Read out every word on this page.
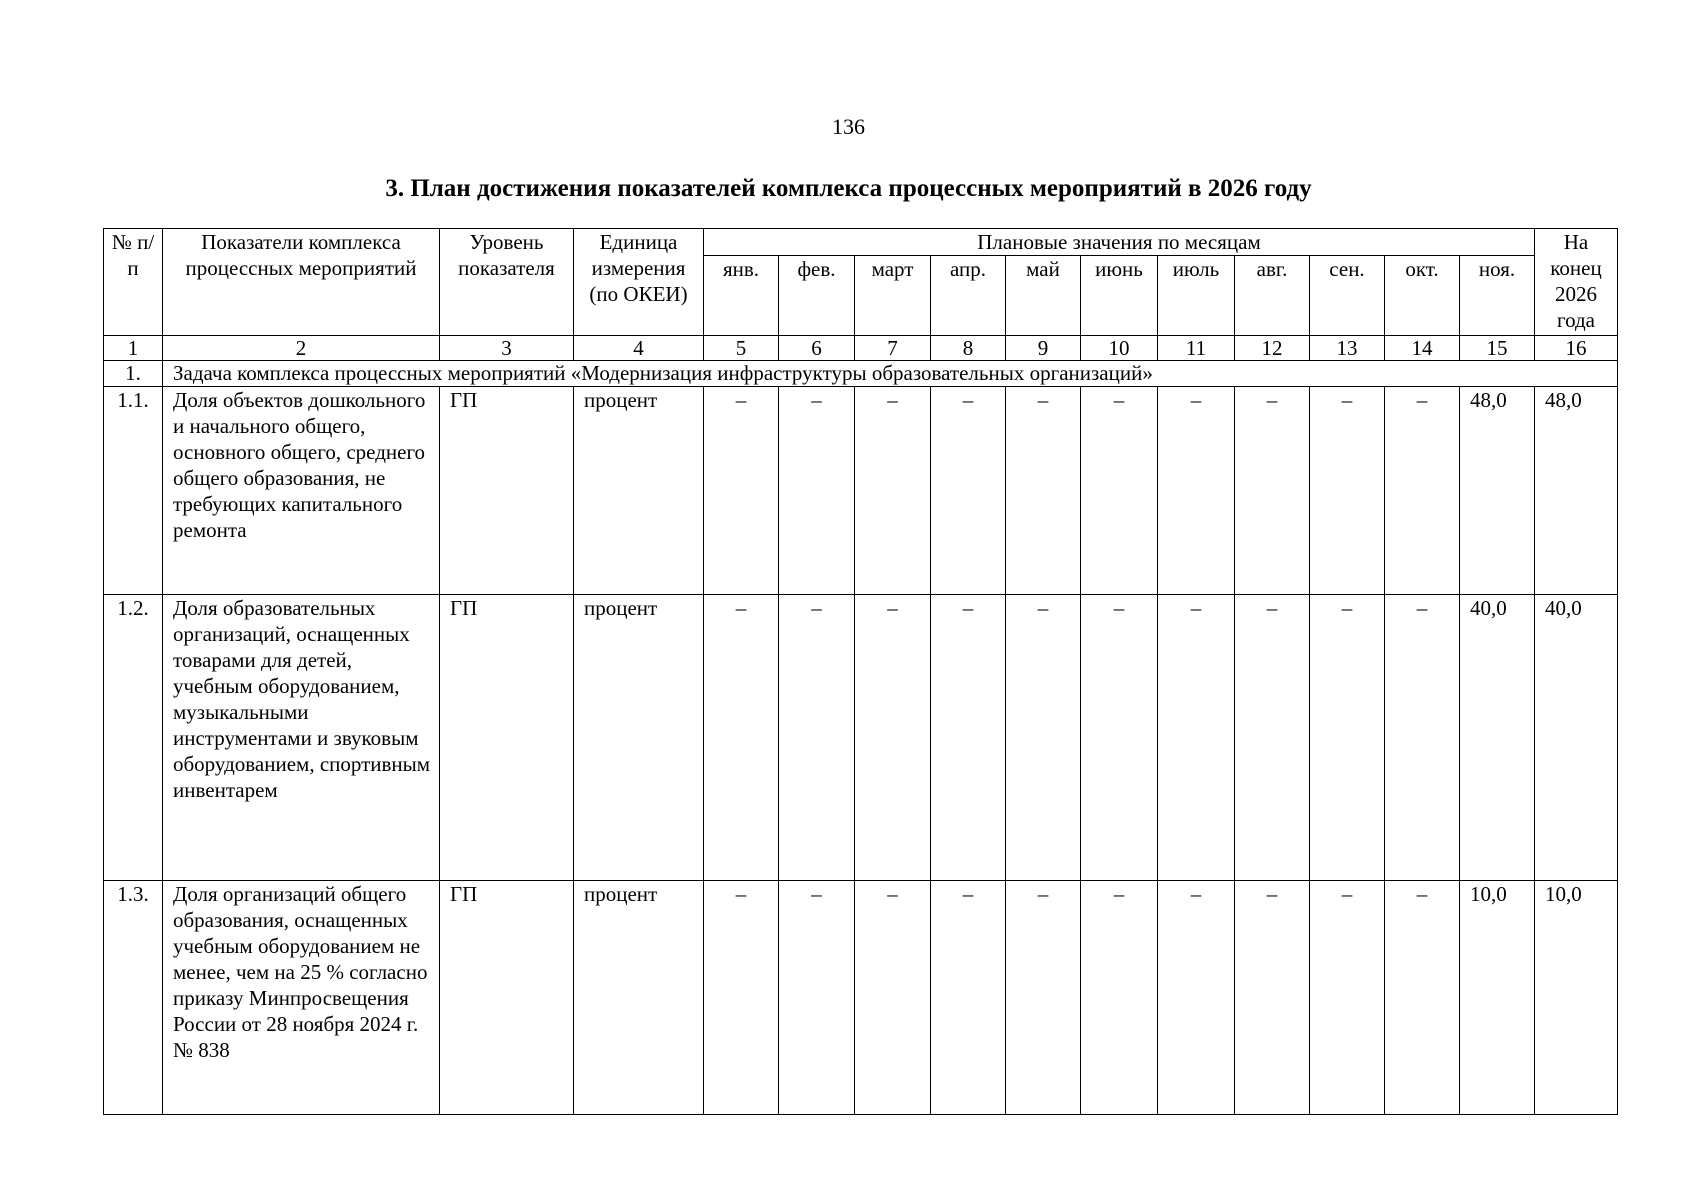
136
3. План достижения показателей комплекса процессных мероприятий в 2026 году
№ п/п	Показатели комплекса процессных мероприятий	Уровень показателя	Единица измерения (по ОКЕИ)	Плановые значения по месяцам											На конец 2026 года
				янв.	фев.	март	апр.	май	июнь	июль	авг.	сен.	окт.	ноя.	
1	2	3	4	5	6	7	8	9	10	11	12	13	14	15	16
1.	Задача комплекса процессных мероприятий «Модернизация инфраструктуры образовательных организаций»														
1.1.	Доля объектов дошкольного и начального общего, основного общего, среднего общего образования, не требующих капитального ремонта	ГП	процент	–	–	–	–	–	–	–	–	–	–	48,0	48,0
1.2.	Доля образовательных организаций, оснащенных товарами для детей, учебным оборудованием, музыкальными инструментами и звуковым оборудованием, спортивным инвентарем	ГП	процент	–	–	–	–	–	–	–	–	–	–	40,0	40,0
1.3.	Доля организаций общего образования, оснащенных учебным оборудованием не менее, чем на 25 % согласно приказу Минпросвещения России от 28 ноября 2024 г. № 838	ГП	процент	–	–	–	–	–	–	–	–	–	–	10,0	10,0
